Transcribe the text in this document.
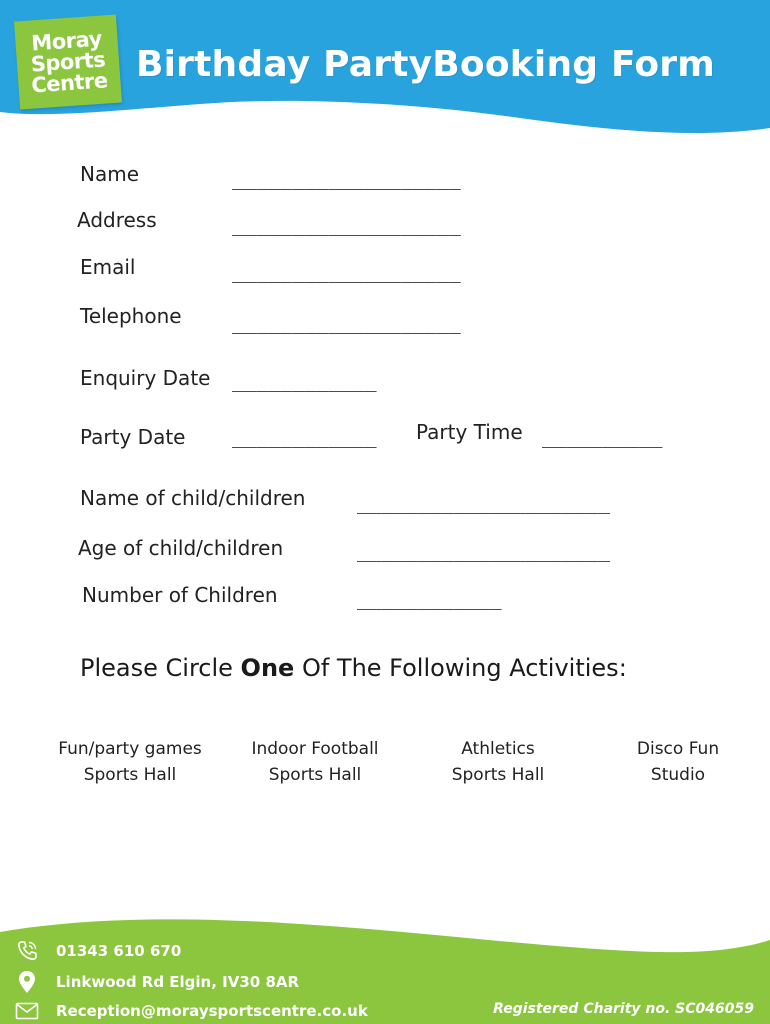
Moray
Sports
Centre Birthday PartyBooking Form
Name	___________________
Address	___________________
Email	___________________
Telephone	___________________
Enquiry Date ____________
Party Date ____________ Party Time __________
Name of child/children	_____________________
Age of child/children	_____________________
Number of Children	____________
Please Circle One Of The Following Activities:
Fun/party games
Sports Hall
Indoor Football
Sports Hall
Athletics
Sports Hall
Disco Fun
Studio
01343 610 670
Linkwood Rd Elgin, IV30 8AR
Reception@moraysportscentre.co.uk	Registered Charity no. SC046059
